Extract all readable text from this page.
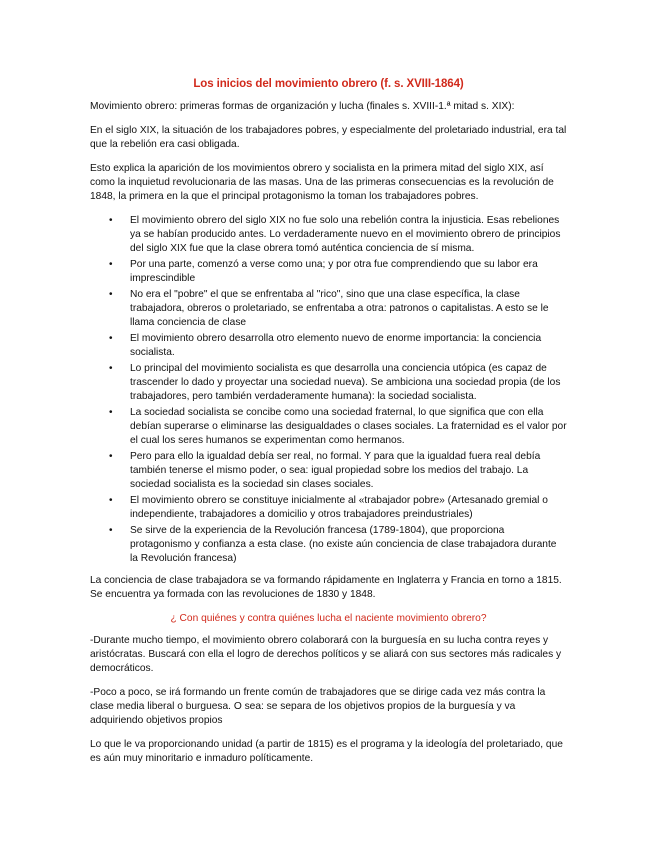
Los inicios del movimiento obrero (f. s. XVIII-1864)

Movimiento obrero: primeras formas de organización y lucha (finales s. XVIII-1.ª mitad s. XIX):

En el siglo XIX, la situación de los trabajadores pobres, y especialmente del proletariado industrial, era tal que la rebelión era casi obligada.

Esto explica la aparición de los movimientos obrero y socialista en la primera mitad del siglo XIX, así como la inquietud revolucionaria de las masas. Una de las primeras consecuencias es la revolución de 1848, la primera en la que el principal protagonismo la toman los trabajadores pobres.

• El movimiento obrero del siglo XIX no fue solo una rebelión contra la injusticia. Esas rebeliones ya se habían producido antes. Lo verdaderamente nuevo en el movimiento obrero de principios del siglo XIX fue que la clase obrera tomó auténtica conciencia de sí misma.
• Por una parte, comenzó a verse como una; y por otra fue comprendiendo que su labor era imprescindible
• No era el "pobre" el que se enfrentaba al "rico", sino que una clase específica, la clase trabajadora, obreros o proletariado, se enfrentaba a otra: patronos o capitalistas. A esto se le llama conciencia de clase
• El movimiento obrero desarrolla otro elemento nuevo de enorme importancia: la conciencia socialista.
• Lo principal del movimiento socialista es que desarrolla una conciencia utópica (es capaz de trascender lo dado y proyectar una sociedad nueva). Se ambiciona una sociedad propia (de los trabajadores, pero también verdaderamente humana): la sociedad socialista.
• La sociedad socialista se concibe como una sociedad fraternal, lo que significa que con ella debían superarse o eliminarse las desigualdades o clases sociales. La fraternidad es el valor por el cual los seres humanos se experimentan como hermanos.
• Pero para ello la igualdad debía ser real, no formal. Y para que la igualdad fuera real debía también tenerse el mismo poder, o sea: igual propiedad sobre los medios del trabajo. La sociedad socialista es la sociedad sin clases sociales.
• El movimiento obrero se constituye inicialmente al «trabajador pobre» (Artesanado gremial o independiente, trabajadores a domicilio y otros trabajadores preindustriales)
• Se sirve de la experiencia de la Revolución francesa (1789-1804), que proporciona protagonismo y confianza a esta clase. (no existe aún conciencia de clase trabajadora durante la Revolución francesa)

La conciencia de clase trabajadora se va formando rápidamente en Inglaterra y Francia en torno a 1815. Se encuentra ya formada con las revoluciones de 1830 y 1848.

¿ Con quiénes y contra quiénes lucha el naciente movimiento obrero?

-Durante mucho tiempo, el movimiento obrero colaborará con la burguesía en su lucha contra reyes y aristócratas. Buscará con ella el logro de derechos políticos y se aliará con sus sectores más radicales y democráticos.

-Poco a poco, se irá formando un frente común de trabajadores que se dirige cada vez más contra la clase media liberal o burguesa. O sea: se separa de los objetivos propios de la burguesía y va adquiriendo objetivos propios

Lo que le va proporcionando unidad (a partir de 1815) es el programa y la ideología del proletariado, que es aún muy minoritario e inmaduro políticamente.
